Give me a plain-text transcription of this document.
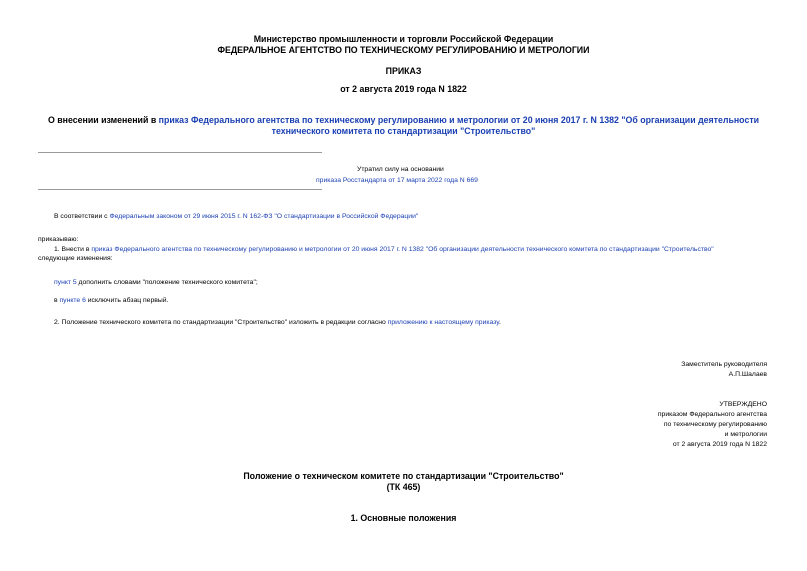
Министерство промышленности и торговли Российской Федерации
ФЕДЕРАЛЬНОЕ АГЕНТСТВО ПО ТЕХНИЧЕСКОМУ РЕГУЛИРОВАНИЮ И МЕТРОЛОГИИ
ПРИКАЗ
от 2 августа 2019 года N 1822
О внесении изменений в приказ Федерального агентства по техническому регулированию и метрологии от 20 июня 2017 г. N 1382 "Об организации деятельности
технического комитета по стандартизации "Строительство"
Утратил силу на основании
приказа Росстандарта от 17 марта 2022 года N 669
В соответствии с Федеральным законом от 29 июня 2015 г. N 162-ФЗ "О стандартизации в Российской Федерации"
приказываю:
1. Внести в приказ Федерального агентства по техническому регулированию и метрологии от 20 июня 2017 г. N 1382 "Об организации деятельности технического комитета по стандартизации "Строительство"
следующие изменения:
пункт 5 дополнить словами "положение технического комитета";
в пункте 6 исключить абзац первый.
2. Положение технического комитета по стандартизации "Строительство" изложить в редакции согласно приложению к настоящему приказу.
Заместитель руководителя
А.П.Шалаев
УТВЕРЖДЕНО
приказом Федерального агентства
по техническому регулированию
и метрологии
от 2 августа 2019 года N 1822
Положение о техническом комитете по стандартизации "Строительство"
(ТК 465)
1. Основные положения
